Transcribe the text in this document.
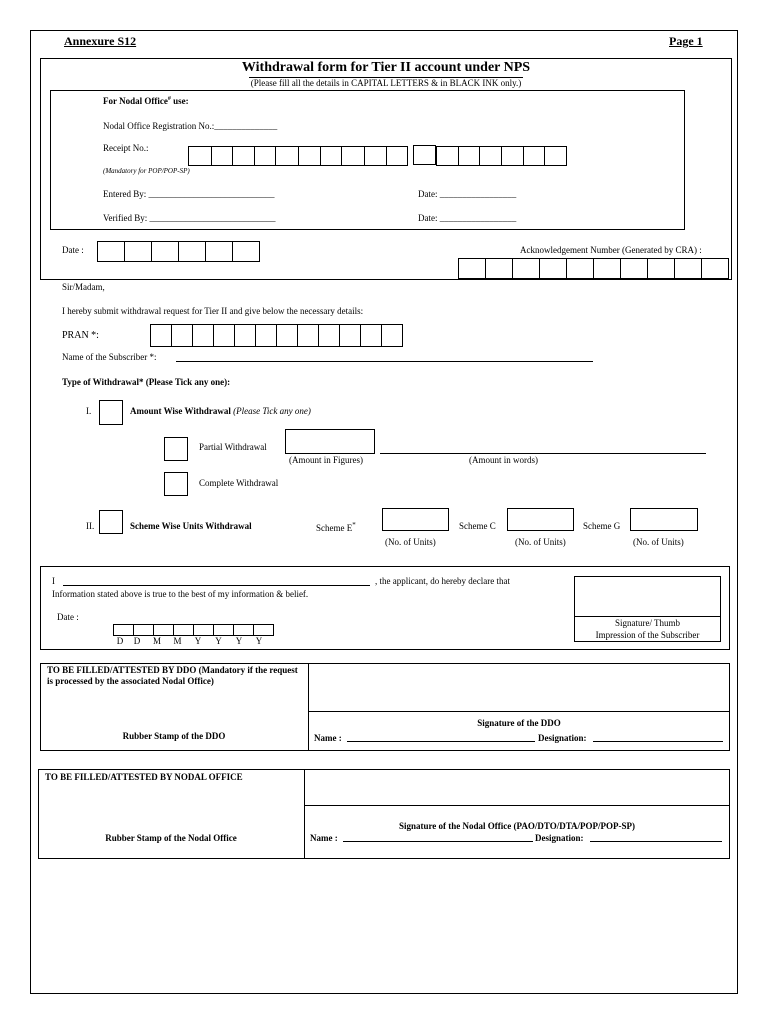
Annexure S12	Page 1
Withdrawal form for Tier II account under NPS
(Please fill all the details in CAPITAL LETTERS & in BLACK INK only.)
For Nodal Office# use:
Nodal Office Registration No.:______________
Receipt No.:
(Mandatory for POP/POP-SP)
Entered By: ____________________________	Date: _________________
Verified By: ____________________________	Date: _________________
Date :	Acknowledgement Number (Generated by CRA) :
Sir/Madam,
I hereby submit withdrawal request for Tier II and give below the necessary details:
PRAN *:
Name of the Subscriber *:
Type of Withdrawal* (Please Tick any one):
I.	Amount Wise Withdrawal (Please Tick any one)
Partial Withdrawal
(Amount in Figures)	(Amount in words)
Complete Withdrawal
II.	Scheme Wise Units Withdrawal	Scheme E*
(No. of Units)
Scheme C
(No. of Units)
Scheme G
(No. of Units)
I	, the applicant, do hereby declare that
Information stated above is true to the best of my information & belief.
Date :
D	D	M	M	Y	Y	Y	Y
Signature/ Thumb
Impression of the Subscriber
TO BE FILLED/ATTESTED BY DDO (Mandatory if the request is processed by the associated Nodal Office)
Rubber Stamp of the DDO
Signature of the DDO
Name :	Designation:
TO BE FILLED/ATTESTED BY NODAL OFFICE
Rubber Stamp of the Nodal Office
Signature of the Nodal Office (PAO/DTO/DTA/POP/POP-SP)
Name :	Designation:
